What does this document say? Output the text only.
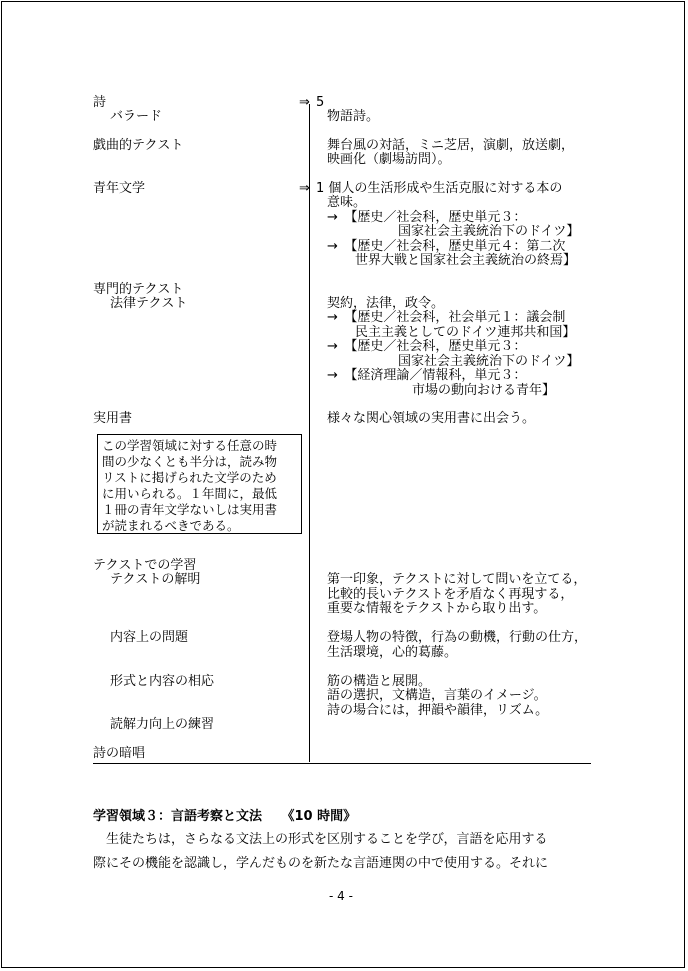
詩
バラード
戯曲的テクスト
青年文学
専門的テクスト
法律テクスト
実用書
この学習領域に対する任意の時
間の少なくとも半分は，読み物
リストに掲げられた文学のため
に用いられる。１年間に，最低
１冊の青年文学ないしは実用書
が読まれるべきである。
テクストでの学習
テクストの解明
内容上の問題
形式と内容の相応
読解力向上の練習
詩の暗唱
⇒
⇒
5
物語詩。
舞台風の対話，ミニ芝居，演劇，放送劇，
映画化（劇場訪問）。
1 個人の生活形成や生活克服に対する本の
意味。
→　【歴史／社会科，歴史単元３：
国家社会主義統治下のドイツ】
→　【歴史／社会科，歴史単元４：第二次
世界大戦と国家社会主義統治の終焉】
契約，法律，政令。
→　【歴史／社会科，社会単元１：議会制
民主主義としてのドイツ連邦共和国】
→　【歴史／社会科，歴史単元３：
国家社会主義統治下のドイツ】
→　【経済理論／情報科，単元３：
市場の動向おける青年】
様々な関心領域の実用書に出会う。
第一印象，テクストに対して問いを立てる，
比較的長いテクストを矛盾なく再現する，
重要な情報をテクストから取り出す。
登場人物の特徴，行為の動機，行動の仕方，
生活環境，心的葛藤。
筋の構造と展開。
語の選択，文構造，言葉のイメージ。
詩の場合には，押韻や韻律，リズム。
学習領域３：言語考察と文法　　《10 時間》
　生徒たちは，さらなる文法上の形式を区別することを学び，言語を応用する
際にその機能を認識し，学んだものを新たな言語連関の中で使用する。それに
- 4 -
